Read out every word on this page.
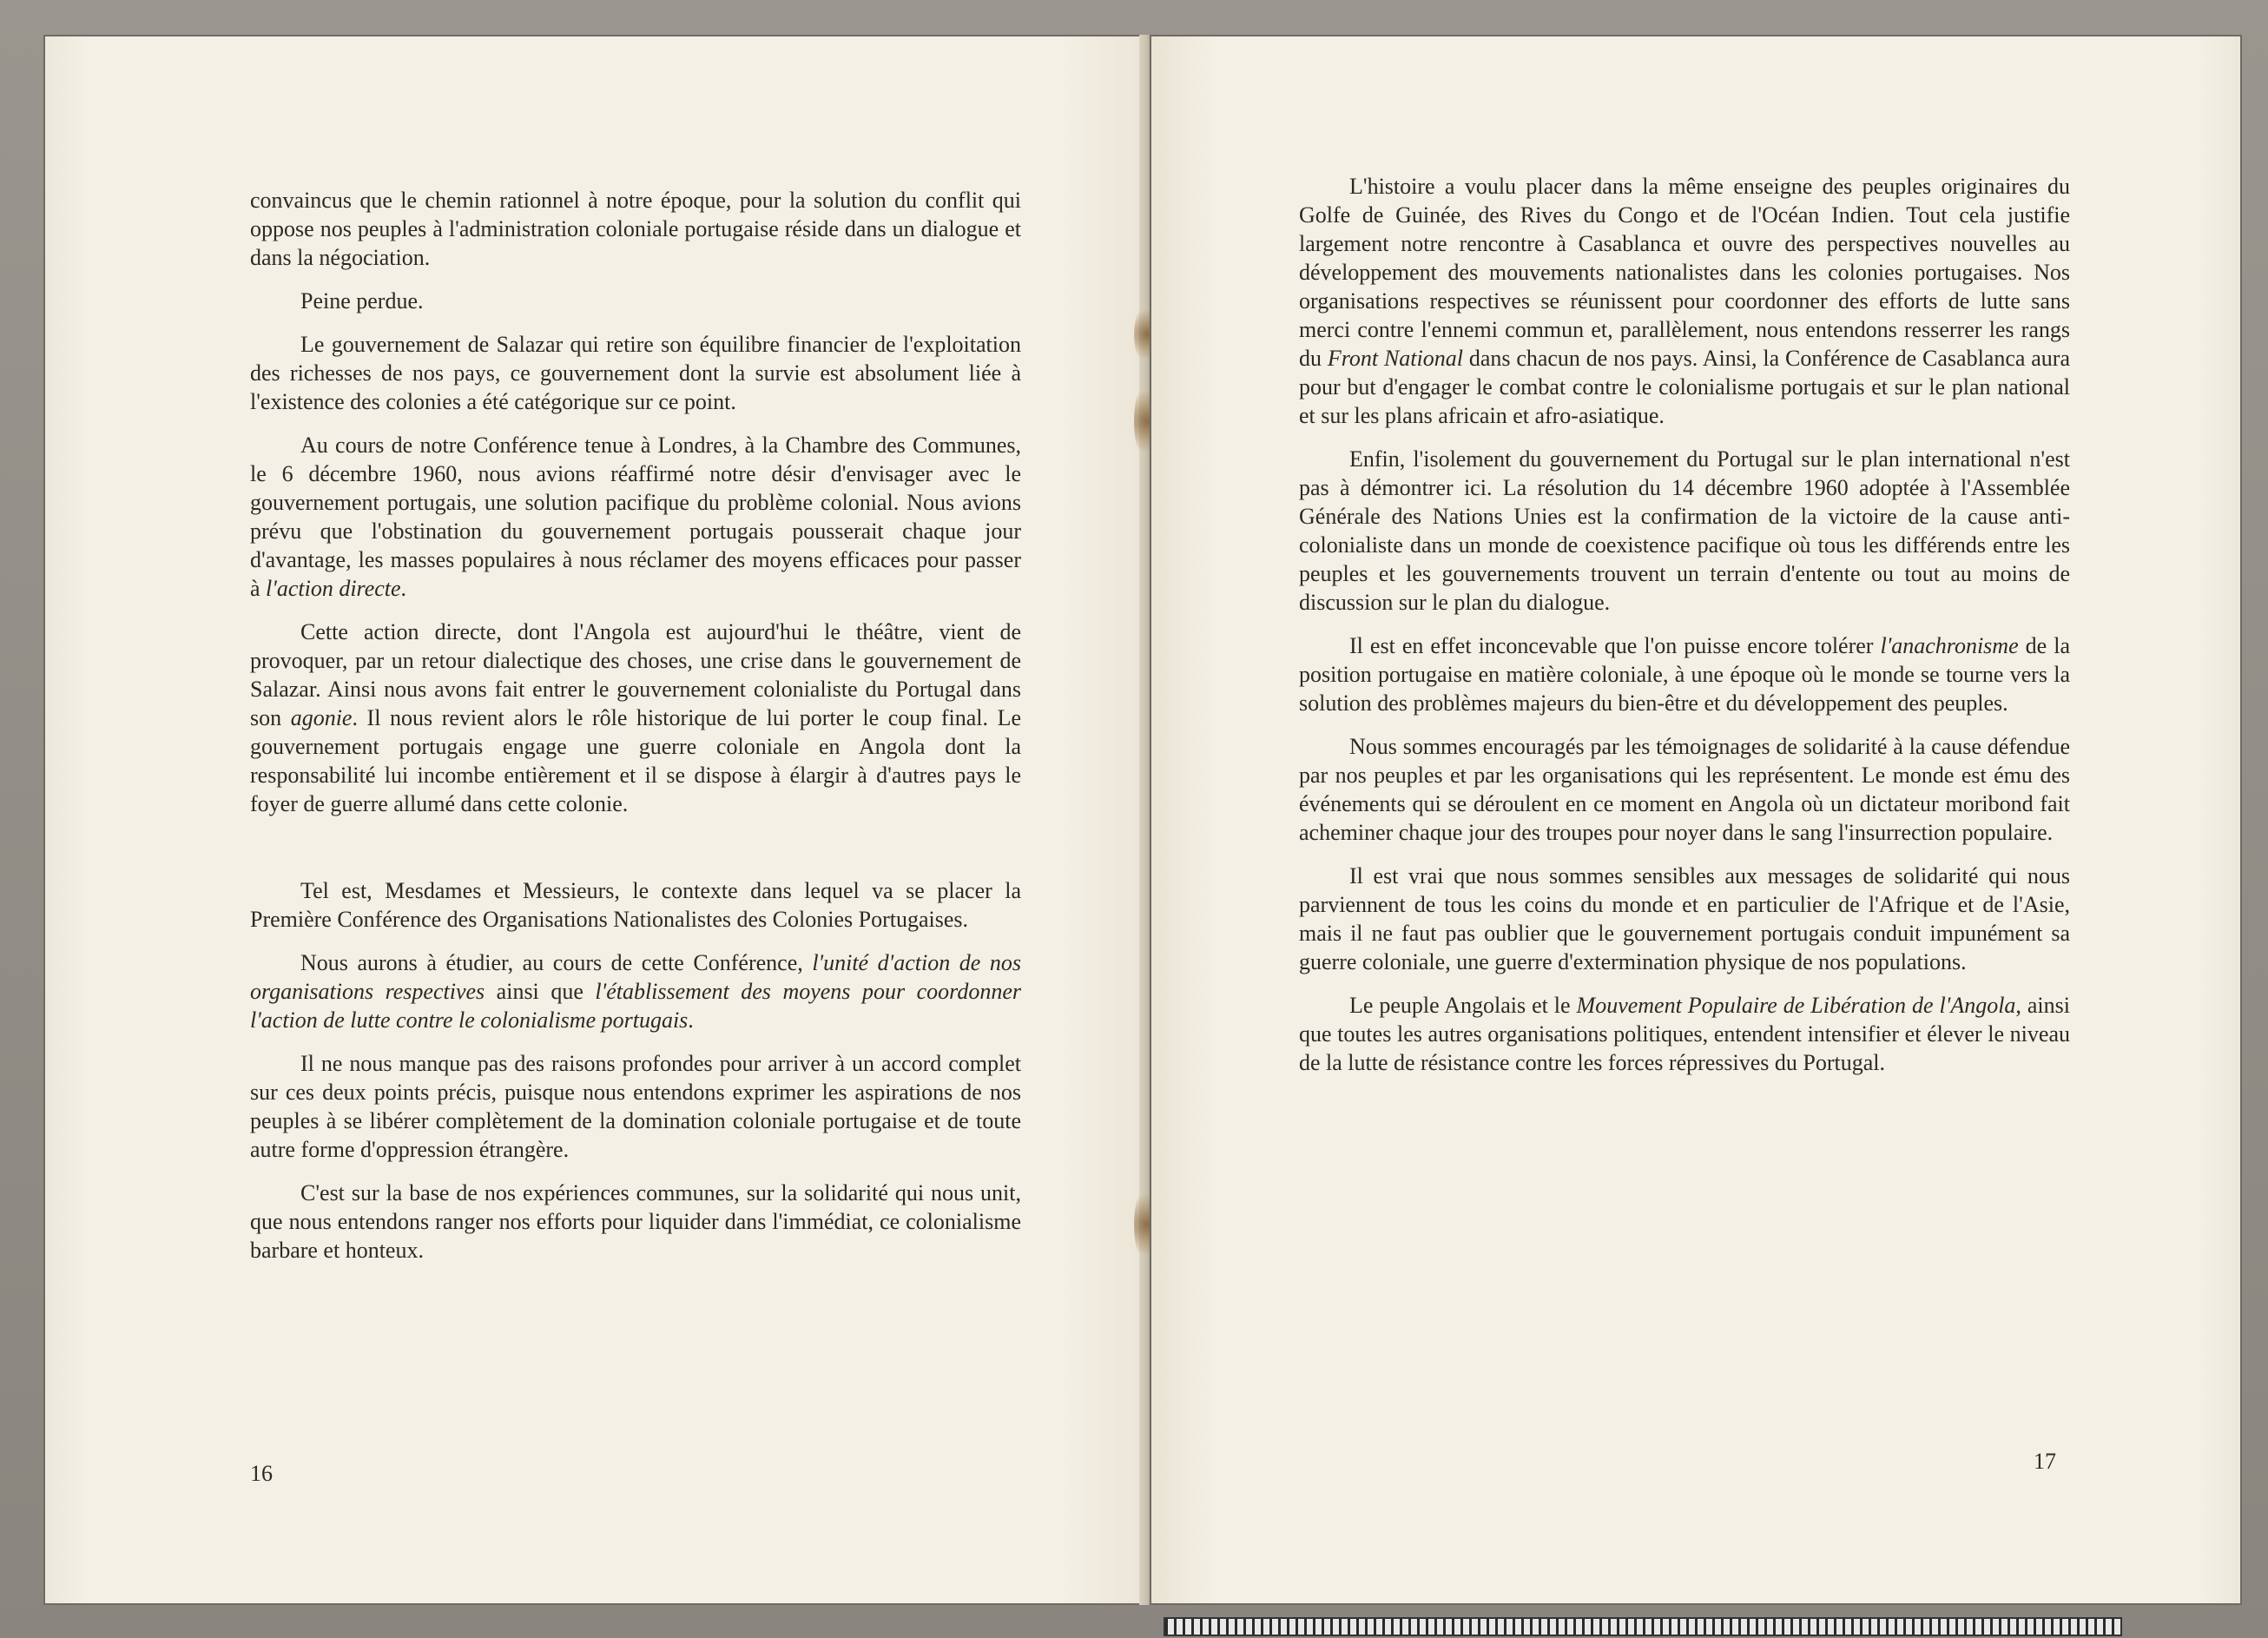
convaincus que le chemin rationnel à notre époque, pour la solution du conflit qui oppose nos peuples à l'administration coloniale portugaise réside dans un dialogue et dans la négociation.

Peine perdue.

Le gouvernement de Salazar qui retire son équilibre financier de l'exploitation des richesses de nos pays, ce gouvernement dont la survie est absolument liée à l'existence des colonies a été catégorique sur ce point.

Au cours de notre Conférence tenue à Londres, à la Chambre des Communes, le 6 décembre 1960, nous avions réaffirmé notre désir d'envisager avec le gouvernement portugais, une solution pacifique du problème colonial. Nous avions prévu que l'obstination du gouvernement portugais pousserait chaque jour d'avantage, les masses populaires à nous réclamer des moyens efficaces pour passer à l'action directe.

Cette action directe, dont l'Angola est aujourd'hui le théâtre, vient de provoquer, par un retour dialectique des choses, une crise dans le gouvernement de Salazar. Ainsi nous avons fait entrer le gouvernement colonialiste du Portugal dans son agonie. Il nous revient alors le rôle historique de lui porter le coup final. Le gouvernement portugais engage une guerre coloniale en Angola dont la responsabilité lui incombe entièrement et il se dispose à élargir à d'autres pays le foyer de guerre allumé dans cette colonie.

Tel est, Mesdames et Messieurs, le contexte dans lequel va se placer la Première Conférence des Organisations Nationalistes des Colonies Portugaises.

Nous aurons à étudier, au cours de cette Conférence, l'unité d'action de nos organisations respectives ainsi que l'établissement des moyens pour coordonner l'action de lutte contre le colonialisme portugais.

Il ne nous manque pas des raisons profondes pour arriver à un accord complet sur ces deux points précis, puisque nous entendons exprimer les aspirations de nos peuples à se libérer complètement de la domination coloniale portugaise et de toute autre forme d'oppression étrangère.

C'est sur la base de nos expériences communes, sur la solidarité qui nous unit, que nous entendons ranger nos efforts pour liquider dans l'immédiat, ce colonialisme barbare et honteux.

16

L'histoire a voulu placer dans la même enseigne des peuples originaires du Golfe de Guinée, des Rives du Congo et de l'Océan Indien. Tout cela justifie largement notre rencontre à Casablanca et ouvre des perspectives nouvelles au développement des mouvements nationalistes dans les colonies portugaises. Nos organisations respectives se réunissent pour coordonner des efforts de lutte sans merci contre l'ennemi commun et, parallèlement, nous entendons resserrer les rangs du Front National dans chacun de nos pays. Ainsi, la Conférence de Casablanca aura pour but d'engager le combat contre le colonialisme portugais et sur le plan national et sur les plans africain et afro-asiatique.

Enfin, l'isolement du gouvernement du Portugal sur le plan international n'est pas à démontrer ici. La résolution du 14 décembre 1960 adoptée à l'Assemblée Générale des Nations Unies est la confirmation de la victoire de la cause anti-colonialiste dans un monde de coexistence pacifique où tous les différends entre les peuples et les gouvernements trouvent un terrain d'entente ou tout au moins de discussion sur le plan du dialogue.

Il est en effet inconcevable que l'on puisse encore tolérer l'anachronisme de la position portugaise en matière coloniale, à une époque où le monde se tourne vers la solution des problèmes majeurs du bien-être et du développement des peuples.

Nous sommes encouragés par les témoignages de solidarité à la cause défendue par nos peuples et par les organisations qui les représentent. Le monde est ému des événements qui se déroulent en ce moment en Angola où un dictateur moribond fait acheminer chaque jour des troupes pour noyer dans le sang l'insurrection populaire.

Il est vrai que nous sommes sensibles aux messages de solidarité qui nous parviennent de tous les coins du monde et en particulier de l'Afrique et de l'Asie, mais il ne faut pas oublier que le gouvernement portugais conduit impunément sa guerre coloniale, une guerre d'extermination physique de nos populations.

Le peuple Angolais et le Mouvement Populaire de Libération de l'Angola, ainsi que toutes les autres organisations politiques, entendent intensifier et élever le niveau de la lutte de résistance contre les forces répressives du Portugal.

17
